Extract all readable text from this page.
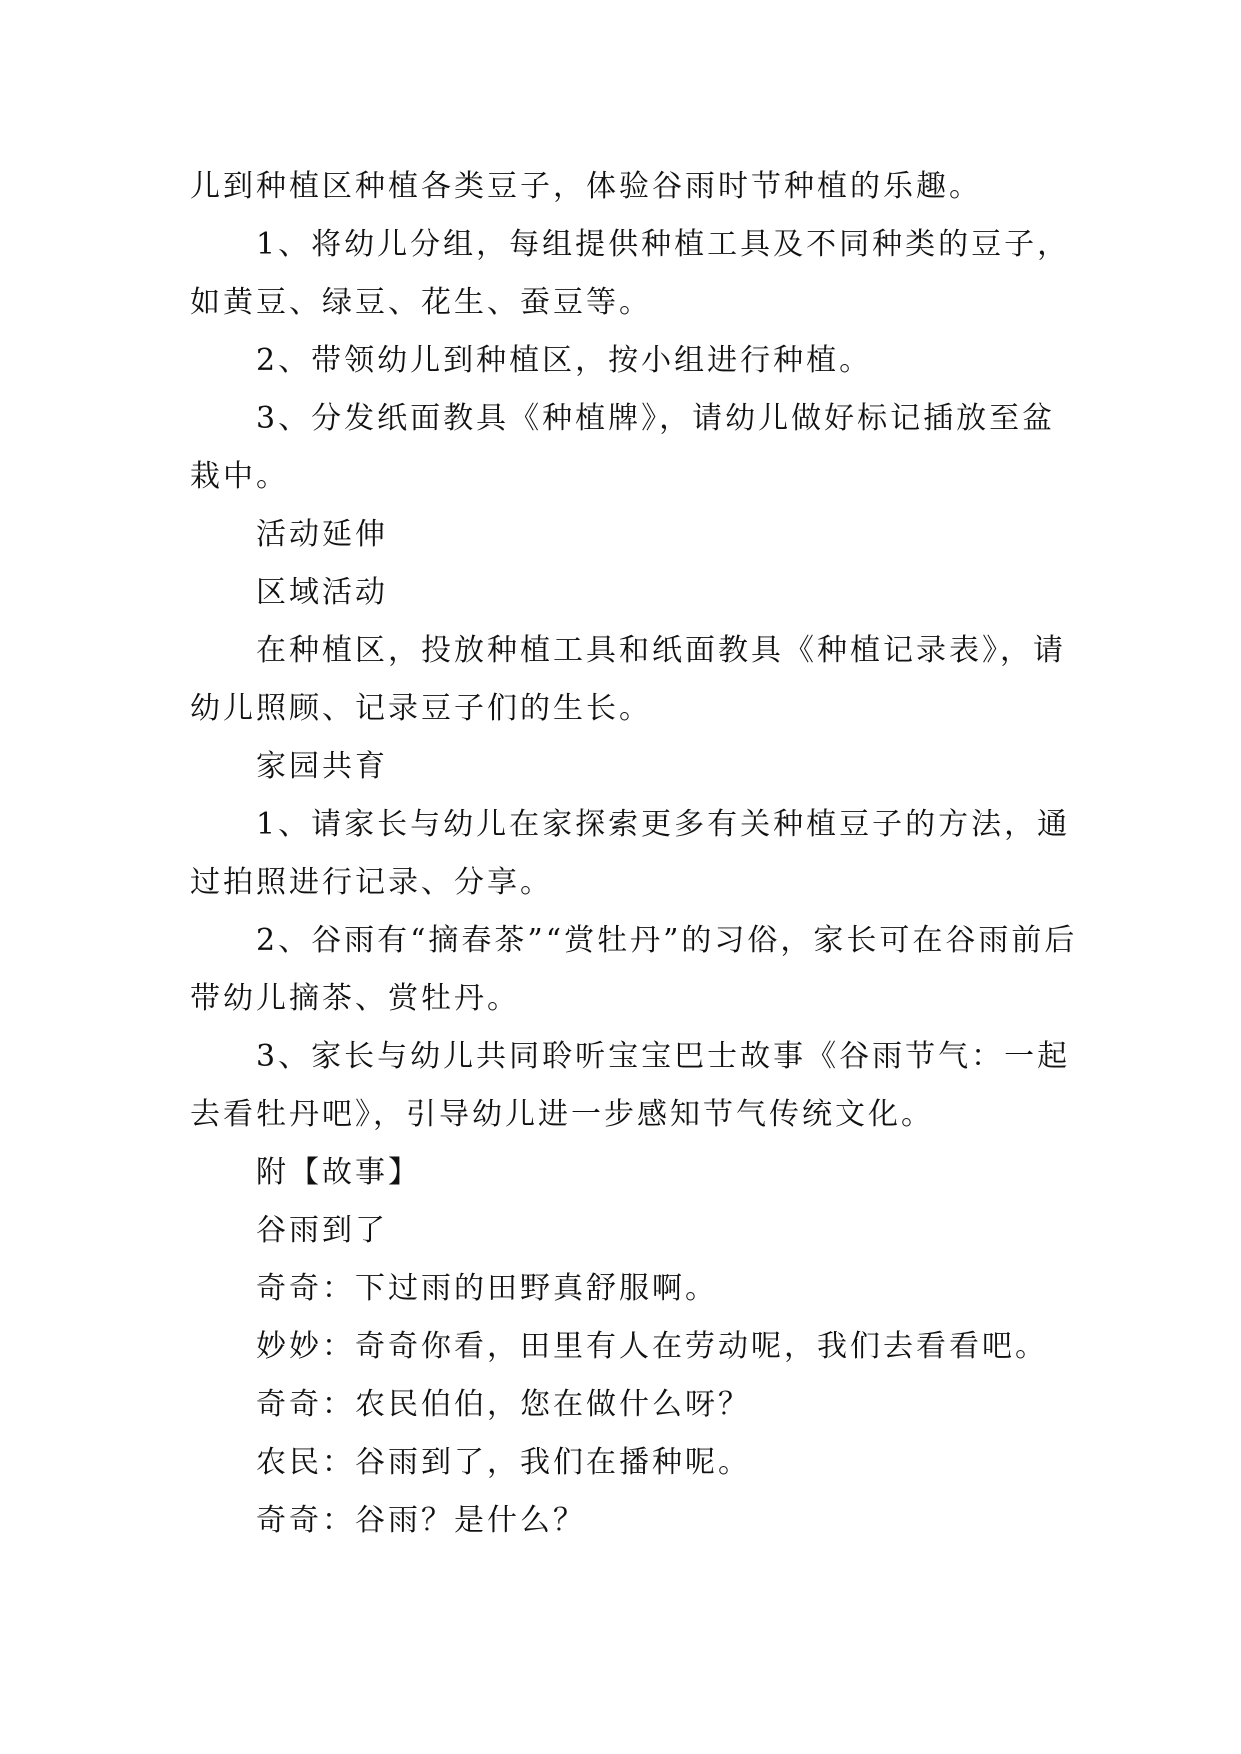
儿到种植区种植各类豆子，体验谷雨时节种植的乐趣。

1、将幼儿分组，每组提供种植工具及不同种类的豆子，如黄豆、绿豆、花生、蚕豆等。

2、带领幼儿到种植区，按小组进行种植。

3、分发纸面教具《种植牌》，请幼儿做好标记插放至盆栽中。

活动延伸

区域活动

在种植区，投放种植工具和纸面教具《种植记录表》，请幼儿照顾、记录豆子们的生长。

家园共育

1、请家长与幼儿在家探索更多有关种植豆子的方法，通过拍照进行记录、分享。

2、谷雨有“摘春茶”“赏牡丹”的习俗，家长可在谷雨前后带幼儿摘茶、赏牡丹。

3、家长与幼儿共同聆听宝宝巴士故事《谷雨节气：一起去看牡丹吧》，引导幼儿进一步感知节气传统文化。

附【故事】

谷雨到了

奇奇：下过雨的田野真舒服啊。

妙妙：奇奇你看，田里有人在劳动呢，我们去看看吧。

奇奇：农民伯伯，您在做什么呀？

农民：谷雨到了，我们在播种呢。

奇奇：谷雨？是什么？
